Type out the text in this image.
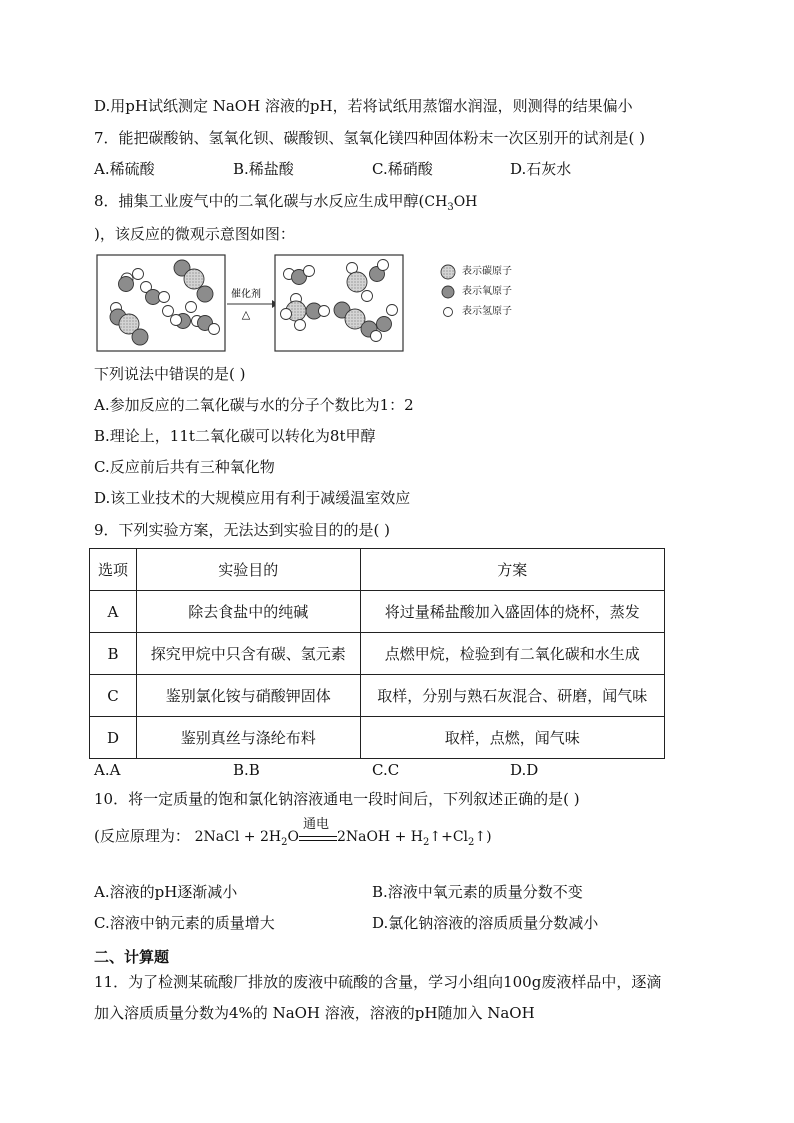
D.用pH试纸测定 NaOH 溶液的pH，若将试纸用蒸馏水润湿，则测得的结果偏小
7．能把碳酸钠、氢氧化钡、碳酸钡、氢氧化镁四种固体粉末一次区别开的试剂是( )
A.稀硫酸	B.稀盐酸	C.稀硝酸	D.石灰水
8．捕集工业废气中的二氧化碳与水反应生成甲醇($CH_3OH$
)，该反应的微观示意图如图：
催化剂
△
表示碳原子
表示氧原子
表示氢原子
下列说法中错误的是( )
A.参加反应的二氧化碳与水的分子个数比为1：2
B.理论上，11t二氧化碳可以转化为8t甲醇
C.反应前后共有三种氧化物
D.该工业技术的大规模应用有利于减缓温室效应
9．下列实验方案，无法达到实验目的的是( )
选项	实验目的	方案
A	除去食盐中的纯碱	将过量稀盐酸加入盛固体的烧杯，蒸发
B	探究甲烷中只含有碳、氢元素	点燃甲烷，检验到有二氧化碳和水生成
C	鉴别氯化铵与硝酸钾固体	取样，分别与熟石灰混合、研磨，闻气味
D	鉴别真丝与涤纶布料	取样，点燃，闻气味
A.A	B.B	C.C	D.D
10．将一定质量的饱和氯化钠溶液通电一段时间后，下列叙述正确的是( )
(反应原理为： 2NaCl + $2H_2O$
通电
2NaOH + $H_2↑+Cl_2↑$)
A.溶液的pH逐渐减小	B.溶液中氧元素的质量分数不变
C.溶液中钠元素的质量增大	D.氯化钠溶液的溶质质量分数减小
二、计算题
11．为了检测某硫酸厂排放的废液中硫酸的含量，学习小组向100g废液样品中，逐滴
加入溶质质量分数为4%的 NaOH 溶液，溶液的pH随加入 NaOH
